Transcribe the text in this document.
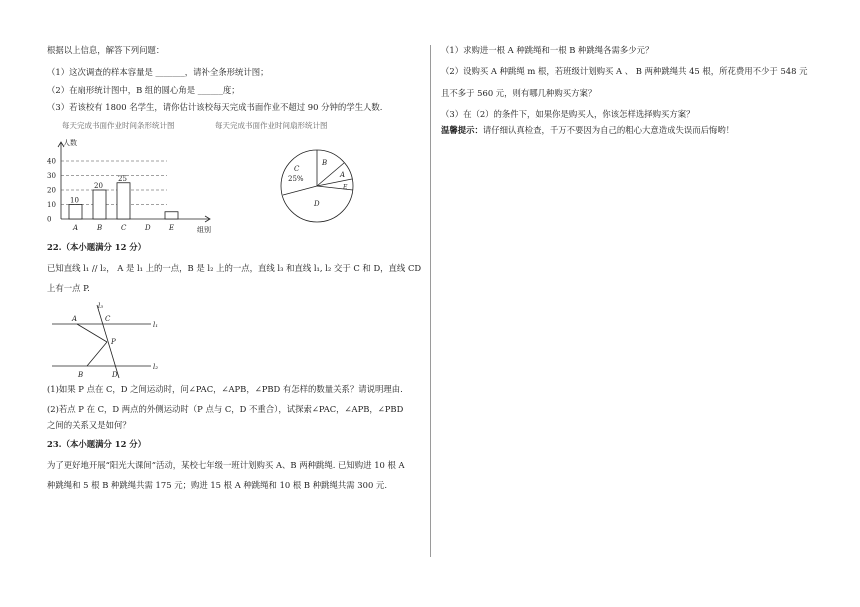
根据以上信息，解答下列问题：

（1）这次调查的样本容量是 _______，请补全条形统计图；

（2）在扇形统计图中，B 组的圆心角是 ______度；

（3）若该校有 1800 名学生，请你估计该校每天完成书面作业不超过 90 分钟的学生人数.

每天完成书面作业时间条形统计图	每天完成书面作业时间扇形统计图
0
10
20
30
40
10
A
20
B
25
C	D	E
人数
组别
C
25%
B
A
E
D

22.（本小题满分 12 分）

已知直线 l₁ // l₂， A 是 l₁ 上的一点，B 是 l₂ 上的一点，直线 l₃ 和直线 l₁, l₂ 交于 C 和 D，直线 CD

上有一点 P.

l₃
A	C
l₁
P
B	D
l₂

(1)如果 P 点在 C，D 之间运动时，问∠PAC，∠APB，∠PBD 有怎样的数量关系？请说明理由.

(2)若点 P 在 C，D 两点的外侧运动时（P 点与 C，D 不重合），试探索∠PAC，∠APB，∠PBD

之间的关系又是如何？

23.（本小题满分 12 分）

为了更好地开展“阳光大课间”活动，某校七年级一班计划购买 A、B 两种跳绳. 已知购进 10 根 A

种跳绳和 5 根 B 种跳绳共需 175 元；购进 15 根 A 种跳绳和 10 根 B 种跳绳共需 300 元.

（1）求购进一根 A 种跳绳和一根 B 种跳绳各需多少元？

（2）设购买 A 种跳绳 m 根，若班级计划购买 A 、 B 两种跳绳共 45 根，所花费用不少于 548 元

且不多于 560 元，则有哪几种购买方案？

（3）在（2）的条件下，如果你是购买人，你该怎样选择购买方案？

温馨提示：请仔细认真检查，千万不要因为自己的粗心大意造成失误而后悔哟！
